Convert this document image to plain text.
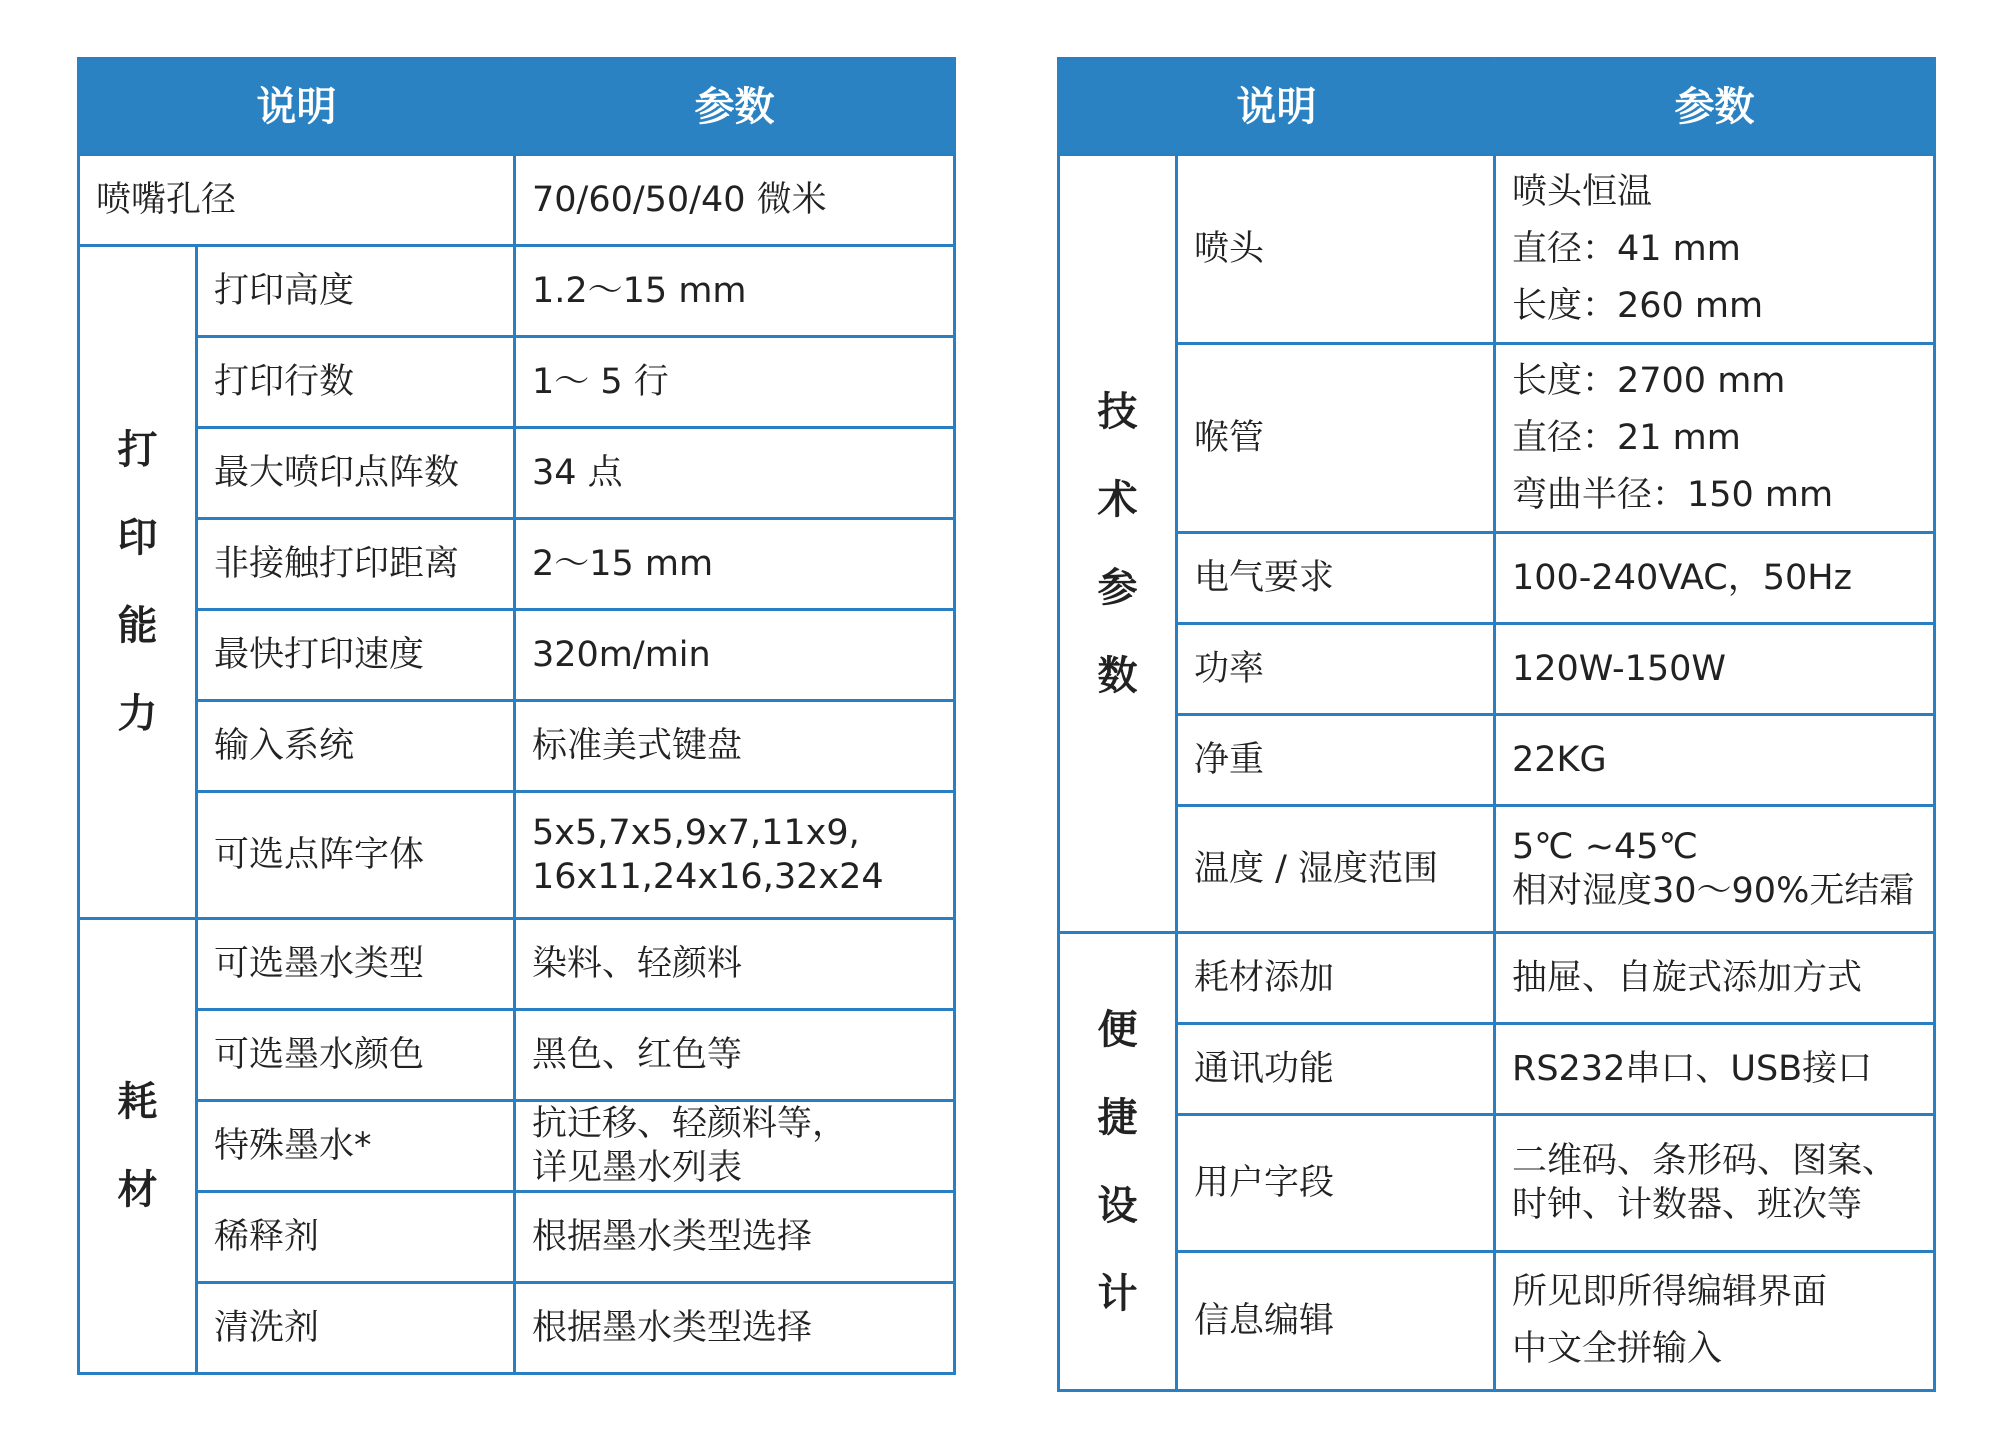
说明		参数
喷嘴孔径		70/60/50/40 微米
打印能力	打印高度	1.2～15 mm
	打印行数	1～ 5 行
	最大喷印点阵数	34 点
	非接触打印距离	2～15 mm
	最快打印速度	320m/min
	输入系统	标准美式键盘
	可选点阵字体	5x5,7x5,9x7,11x9,
16x11,24x16,32x24

耗材	可选墨水类型	染料、轻颜料
	可选墨水颜色	黑色、红色等
	特殊墨水*	抗迁移、轻颜料等，
详见墨水列表

	稀释剂	根据墨水类型选择
	清洗剂	根据墨水类型选择
说明		参数
技术参数	喷头	喷头恒温
直径：41 mm
长度：260 mm

	喉管	长度：2700 mm
直径：21 mm
弯曲半径：150 mm

	电气要求	100-240VAC，50Hz
	功率	120W-150W
	净重	22KG
	温度 / 湿度范围	5℃ ~45℃
相对湿度30～90%无结霜

便捷设计	耗材添加	抽屉、自旋式添加方式
	通讯功能	RS232串口、USB接口
	用户字段	二维码、条形码、图案、
时钟、计数器、班次等

	信息编辑	所见即所得编辑界面
中文全拼输入
